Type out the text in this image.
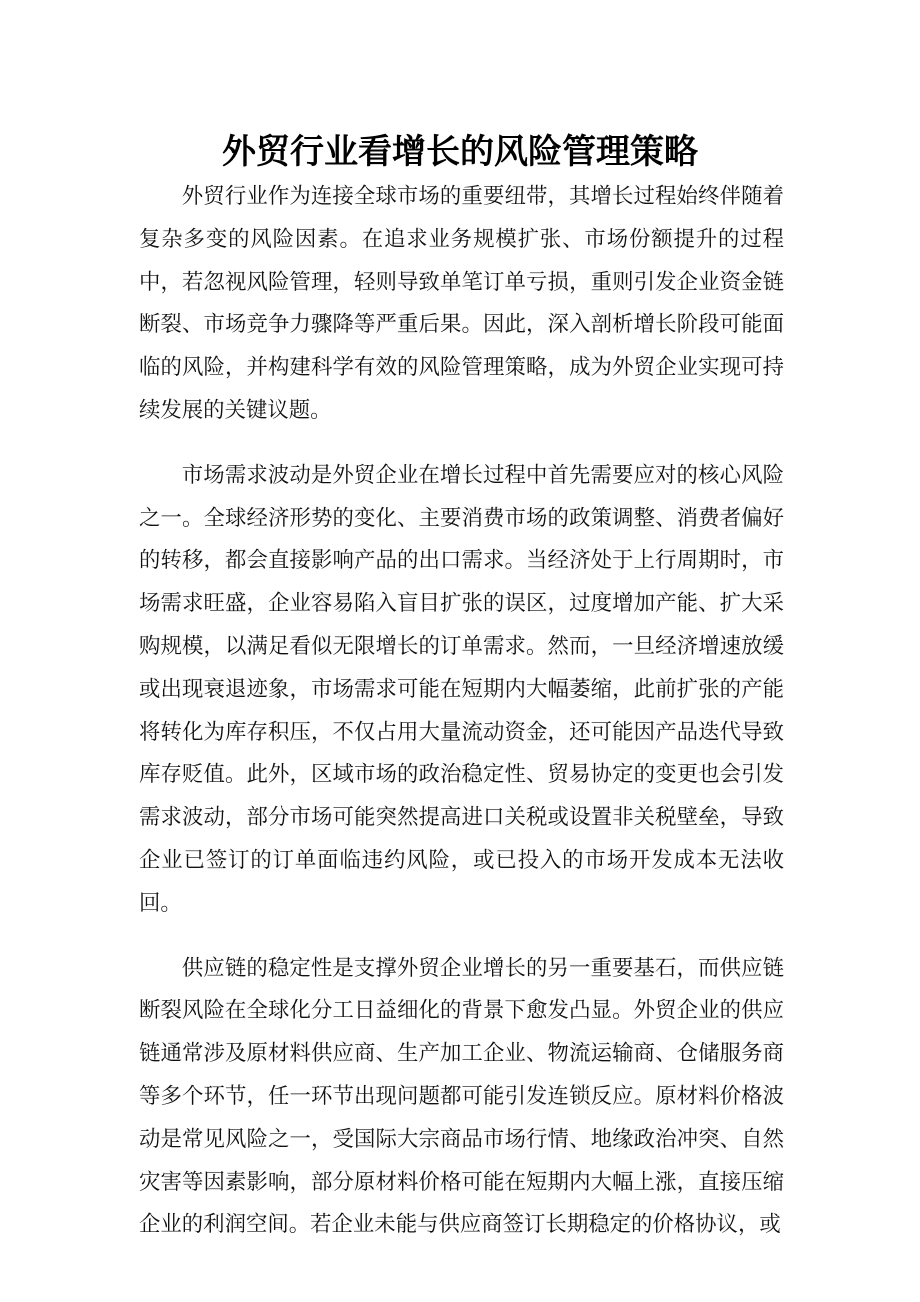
外贸行业看增长的风险管理策略

外贸行业作为连接全球市场的重要纽带，其增长过程始终伴随着复杂多变的风险因素。在追求业务规模扩张、市场份额提升的过程中，若忽视风险管理，轻则导致单笔订单亏损，重则引发企业资金链断裂、市场竞争力骤降等严重后果。因此，深入剖析增长阶段可能面临的风险，并构建科学有效的风险管理策略，成为外贸企业实现可持续发展的关键议题。

市场需求波动是外贸企业在增长过程中首先需要应对的核心风险之一。全球经济形势的变化、主要消费市场的政策调整、消费者偏好的转移，都会直接影响产品的出口需求。当经济处于上行周期时，市场需求旺盛，企业容易陷入盲目扩张的误区，过度增加产能、扩大采购规模，以满足看似无限增长的订单需求。然而，一旦经济增速放缓或出现衰退迹象，市场需求可能在短期内大幅萎缩，此前扩张的产能将转化为库存积压，不仅占用大量流动资金，还可能因产品迭代导致库存贬值。此外，区域市场的政治稳定性、贸易协定的变更也会引发需求波动，部分市场可能突然提高进口关税或设置非关税壁垒，导致企业已签订的订单面临违约风险，或已投入的市场开发成本无法收回。

供应链的稳定性是支撑外贸企业增长的另一重要基石，而供应链断裂风险在全球化分工日益细化的背景下愈发凸显。外贸企业的供应链通常涉及原材料供应商、生产加工企业、物流运输商、仓储服务商等多个环节，任一环节出现问题都可能引发连锁反应。原材料价格波动是常见风险之一，受国际大宗商品市场行情、地缘政治冲突、自然灾害等因素影响，部分原材料价格可能在短期内大幅上涨，直接压缩企业的利润空间。若企业未能与供应商签订长期稳定的价格协议，或
